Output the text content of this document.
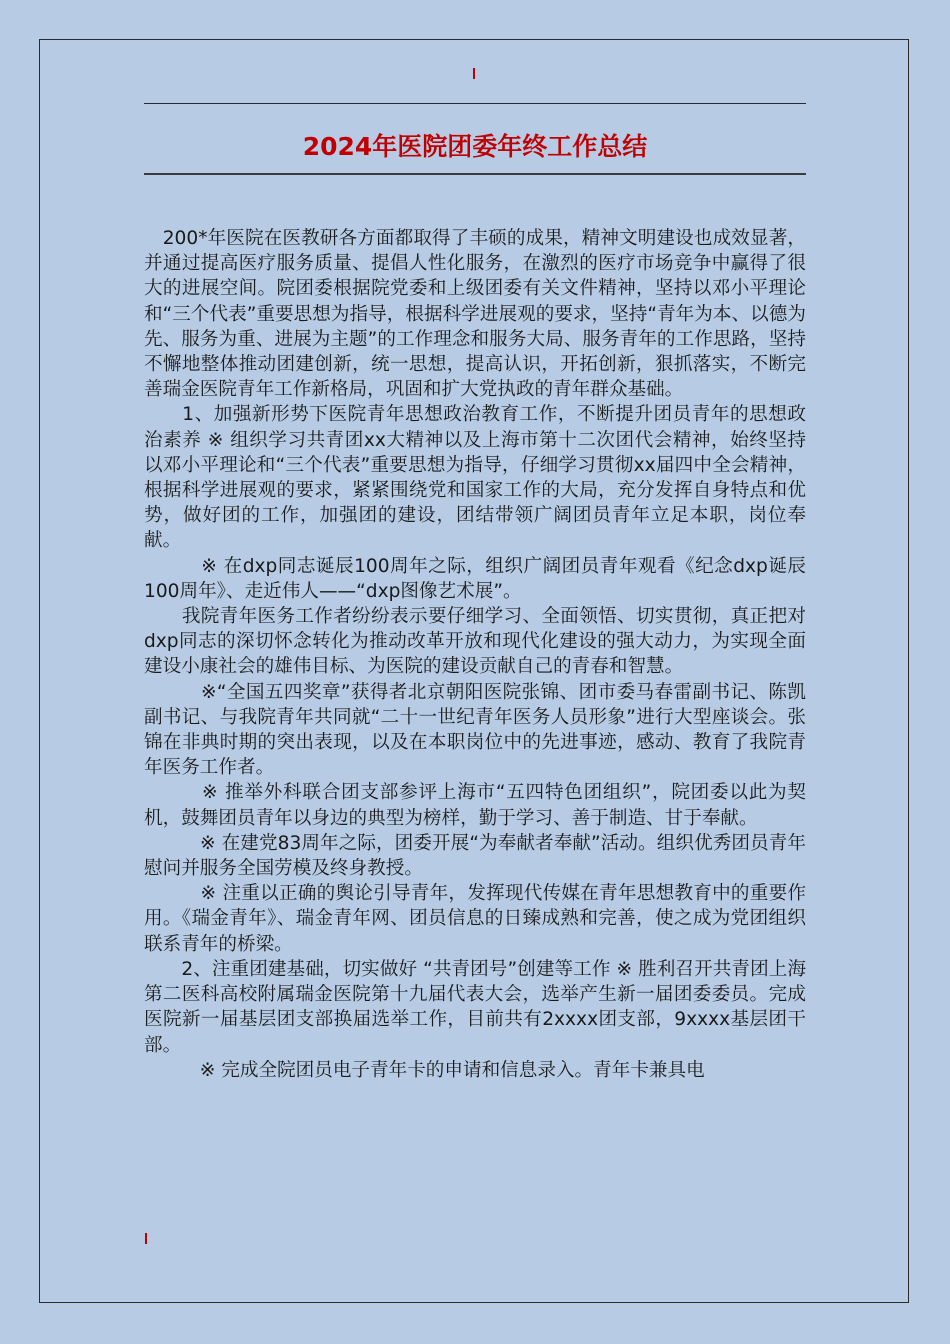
2024年医院团委年终工作总结

　200*年医院在医教研各方面都取得了丰硕的成果，精神文明建设也成效显著，并通过提高医疗服务质量、提倡人性化服务，在激烈的医疗市场竞争中赢得了很大的进展空间。院团委根据院党委和上级团委有关文件精神，坚持以邓小平理论和“三个代表”重要思想为指导，根据科学进展观的要求，坚持“青年为本、以德为先、服务为重、进展为主题”的工作理念和服务大局、服务青年的工作思路，坚持不懈地整体推动团建创新，统一思想，提高认识，开拓创新，狠抓落实，不断完善瑞金医院青年工作新格局，巩固和扩大党执政的青年群众基础。

　　1、加强新形势下医院青年思想政治教育工作，不断提升团员青年的思想政治素养 ※ 组织学习共青团xx大精神以及上海市第十二次团代会精神，始终坚持以邓小平理论和“三个代表”重要思想为指导，仔细学习贯彻xx届四中全会精神，根据科学进展观的要求，紧紧围绕党和国家工作的大局，充分发挥自身特点和优势，做好团的工作，加强团的建设，团结带领广阔团员青年立足本职，岗位奉献。

　　　※ 在dxp同志诞辰100周年之际，组织广阔团员青年观看《纪念dxp诞辰100周年》、走近伟人——“dxp图像艺术展”。

　　我院青年医务工作者纷纷表示要仔细学习、全面领悟、切实贯彻，真正把对dxp同志的深切怀念转化为推动改革开放和现代化建设的强大动力，为实现全面建设小康社会的雄伟目标、为医院的建设贡献自己的青春和智慧。

　　　※“全国五四奖章”获得者北京朝阳医院张锦、团市委马春雷副书记、陈凯副书记、与我院青年共同就“二十一世纪青年医务人员形象”进行大型座谈会。张锦在非典时期的突出表现，以及在本职岗位中的先进事迹，感动、教育了我院青年医务工作者。

　　　※ 推举外科联合团支部参评上海市“五四特色团组织”，院团委以此为契机，鼓舞团员青年以身边的典型为榜样，勤于学习、善于制造、甘于奉献。

　　　※ 在建党83周年之际，团委开展“为奉献者奉献”活动。组织优秀团员青年慰问并服务全国劳模及终身教授。

　　　※ 注重以正确的舆论引导青年，发挥现代传媒在青年思想教育中的重要作用。《瑞金青年》、瑞金青年网、团员信息的日臻成熟和完善，使之成为党团组织联系青年的桥梁。

　　2、注重团建基础，切实做好 “共青团号”创建等工作 ※ 胜利召开共青团上海第二医科高校附属瑞金医院第十九届代表大会，选举产生新一届团委委员。完成医院新一届基层团支部换届选举工作，目前共有2xxxx团支部，9xxxx基层团干部。

　　　※ 完成全院团员电子青年卡的申请和信息录入。青年卡兼具电
